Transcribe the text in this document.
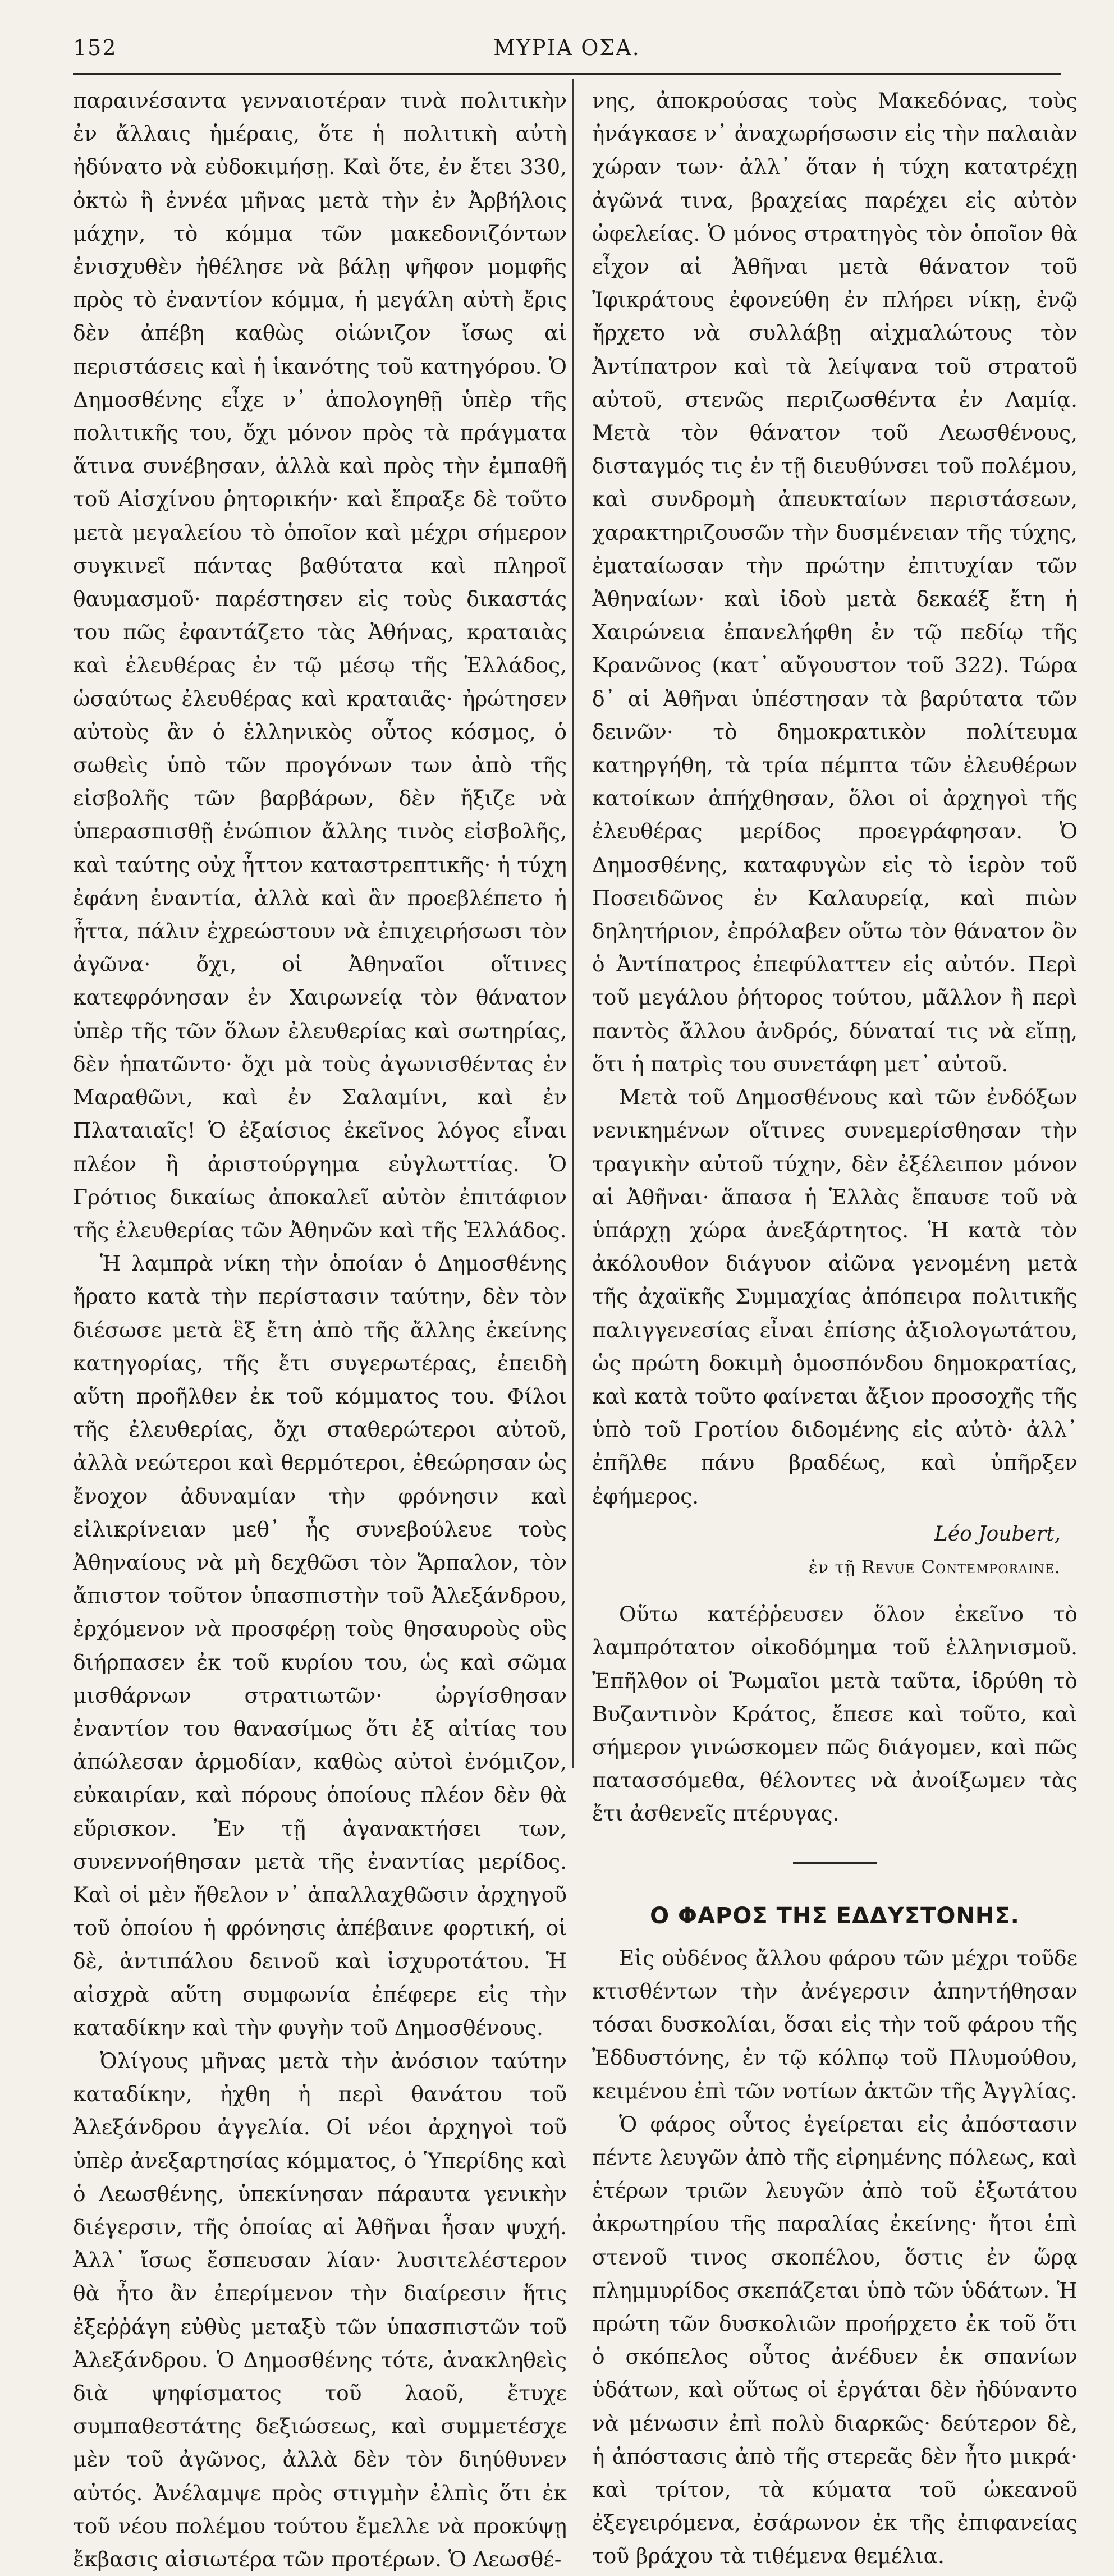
152	ΜΥΡΙΑ ΟΣΑ.

παραινέσαντα γενναιοτέραν τινὰ πολιτικὴν ἐν ἄλλαις ἡμέραις, ὅτε ἡ πολιτικὴ αὐτὴ ἠδύνατο νὰ εὐδοκιμήσῃ. Καὶ ὅτε, ἐν ἔτει 330, ὀκτὼ ἢ ἐννέα μῆνας μετὰ τὴν ἐν Ἀρβήλοις μάχην, τὸ κόμμα τῶν μακεδονιζόντων ἐνισχυθὲν ἠθέλησε νὰ βάλῃ ψῆφον μομφῆς πρὸς τὸ ἐναντίον κόμμα, ἡ μεγάλη αὐτὴ ἔρις δὲν ἀπέβη καθὼς οἰώνιζον ἴσως αἱ περιστάσεις καὶ ἡ ἱκανότης τοῦ κατηγόρου. Ὁ Δημοσθένης εἶχε ν᾿ ἀπολογηθῇ ὑπὲρ τῆς πολιτικῆς του, ὄχι μόνον πρὸς τὰ πράγματα ἅτινα συνέβησαν, ἀλλὰ καὶ πρὸς τὴν ἐμπαθῆ τοῦ Αἰσχίνου ῥητορικήν· καὶ ἔπραξε δὲ τοῦτο μετὰ μεγαλείου τὸ ὁποῖον καὶ μέχρι σήμερον συγκινεῖ πάντας βαθύτατα καὶ πληροῖ θαυμασμοῦ· παρέστησεν εἰς τοὺς δικαστάς του πῶς ἐφαντάζετο τὰς Ἀθήνας, κραταιὰς καὶ ἐλευθέρας ἐν τῷ μέσῳ τῆς Ἑλλάδος, ὡσαύτως ἐλευθέρας καὶ κραταιᾶς· ἠρώτησεν αὐτοὺς ἂν ὁ ἑλληνικὸς οὗτος κόσμος, ὁ σωθεὶς ὑπὸ τῶν προγόνων των ἀπὸ τῆς εἰσβολῆς τῶν βαρβάρων, δὲν ἤξιζε νὰ ὑπερασπισθῇ ἐνώπιον ἄλλης τινὸς εἰσβολῆς, καὶ ταύτης οὐχ ἧττον καταστρεπτικῆς· ἡ τύχη ἐφάνη ἐναντία, ἀλλὰ καὶ ἂν προεβλέπετο ἡ ἧττα, πάλιν ἐχρεώστουν νὰ ἐπιχειρήσωσι τὸν ἀγῶνα· ὄχι, οἱ Ἀθηναῖοι οἵτινες κατεφρόνησαν ἐν Χαιρωνείᾳ τὸν θάνατον ὑπὲρ τῆς τῶν ὅλων ἐλευθερίας καὶ σωτηρίας, δὲν ἡπατῶντο· ὄχι μὰ τοὺς ἀγωνισθέντας ἐν Μαραθῶνι, καὶ ἐν Σαλαμίνι, καὶ ἐν Πλαταιαῖς! Ὁ ἐξαίσιος ἐκεῖνος λόγος εἶναι πλέον ἢ ἀριστούργημα εὐγλωττίας. Ὁ Γρότιος δικαίως ἀποκαλεῖ αὐτὸν ἐπιτάφιον τῆς ἐλευθερίας τῶν Ἀθηνῶν καὶ τῆς Ἑλλάδος.

Ἡ λαμπρὰ νίκη τὴν ὁποίαν ὁ Δημοσθένης ἤρατο κατὰ τὴν περίστασιν ταύτην, δὲν τὸν διέσωσε μετὰ ἓξ ἔτη ἀπὸ τῆς ἄλλης ἐκείνης κατηγορίας, τῆς ἔτι συγερωτέρας, ἐπειδὴ αὕτη προῆλθεν ἐκ τοῦ κόμματος του. Φίλοι τῆς ἐλευθερίας, ὄχι σταθερώτεροι αὐτοῦ, ἀλλὰ νεώτεροι καὶ θερμότεροι, ἐθεώρησαν ὡς ἔνοχον ἀδυναμίαν τὴν φρόνησιν καὶ εἰλικρίνειαν μεθ᾿ ἧς συνεβούλευε τοὺς Ἀθηναίους νὰ μὴ δεχθῶσι τὸν Ἅρπαλον, τὸν ἄπιστον τοῦτον ὑπασπιστὴν τοῦ Ἀλεξάνδρου, ἐρχόμενον νὰ προσφέρῃ τοὺς θησαυροὺς οὓς διήρπασεν ἐκ τοῦ κυρίου του, ὡς καὶ σῶμα μισθάρνων στρατιωτῶν· ὠργίσθησαν ἐναντίον του θανασίμως ὅτι ἐξ αἰτίας του ἀπώλεσαν ἁρμοδίαν, καθὼς αὐτοὶ ἐνόμιζον, εὐκαιρίαν, καὶ πόρους ὁποίους πλέον δὲν θὰ εὕρισκον. Ἐν τῇ ἀγανακτήσει των, συνεννοήθησαν μετὰ τῆς ἐναντίας μερίδος. Καὶ οἱ μὲν ἤθελον ν᾿ ἀπαλλαχθῶσιν ἀρχηγοῦ τοῦ ὁποίου ἡ φρόνησις ἀπέβαινε φορτική, οἱ δὲ, ἀντιπάλου δεινοῦ καὶ ἰσχυροτάτου. Ἡ αἰσχρὰ αὕτη συμφωνία ἐπέφερε εἰς τὴν καταδίκην καὶ τὴν φυγὴν τοῦ Δημοσθένους.

Ὀλίγους μῆνας μετὰ τὴν ἀνόσιον ταύτην καταδίκην, ἠχθη ἡ περὶ θανάτου τοῦ Ἀλεξάνδρου ἀγγελία. Οἱ νέοι ἀρχηγοὶ τοῦ ὑπὲρ ἀνεξαρτησίας κόμματος, ὁ Ὑπερίδης καὶ ὁ Λεωσθένης, ὑπεκίνησαν πάραυτα γενικὴν διέγερσιν, τῆς ὁποίας αἱ Ἀθῆναι ἦσαν ψυχή. Ἀλλ᾿ ἴσως ἔσπευσαν λίαν· λυσιτελέστερον θὰ ἦτο ἂν ἐπερίμενον τὴν διαίρεσιν ἥτις ἐξεῤῥάγη εὐθὺς μεταξὺ τῶν ὑπασπιστῶν τοῦ Ἀλεξάνδρου. Ὁ Δημοσθένης τότε, ἀνακληθεὶς διὰ ψηφίσματος τοῦ λαοῦ, ἔτυχε συμπαθεστάτης δεξιώσεως, καὶ συμμετέσχε μὲν τοῦ ἀγῶνος, ἀλλὰ δὲν τὸν διηύθυνεν αὐτός. Ἀνέλαμψε πρὸς στιγμὴν ἐλπὶς ὅτι ἐκ τοῦ νέου πολέμου τούτου ἔμελλε νὰ προκύψῃ ἔκβασις αἰσιωτέρα τῶν προτέρων. Ὁ Λεωσθέ-

νης, ἀποκρούσας τοὺς Μακεδόνας, τοὺς ἠνάγκασε ν᾿ ἀναχωρήσωσιν εἰς τὴν παλαιὰν χώραν των· ἀλλ᾿ ὅταν ἡ τύχη κατατρέχῃ ἀγῶνά τινα, βραχείας παρέχει εἰς αὐτὸν ὠφελείας. Ὁ μόνος στρατηγὸς τὸν ὁποῖον θὰ εἶχον αἱ Ἀθῆναι μετὰ θάνατον τοῦ Ἰφικράτους ἐφονεύθη ἐν πλήρει νίκῃ, ἐνῷ ἤρχετο νὰ συλλάβῃ αἰχμαλώτους τὸν Ἀντίπατρον καὶ τὰ λείψανα τοῦ στρατοῦ αὐτοῦ, στενῶς περιζωσθέντα ἐν Λαμίᾳ. Μετὰ τὸν θάνατον τοῦ Λεωσθένους, δισταγμός τις ἐν τῇ διευθύνσει τοῦ πολέμου, καὶ συνδρομὴ ἀπευκταίων περιστάσεων, χαρακτηριζουσῶν τὴν δυσμένειαν τῆς τύχης, ἐματαίωσαν τὴν πρώτην ἐπιτυχίαν τῶν Ἀθηναίων· καὶ ἰδοὺ μετὰ δεκαέξ ἔτη ἡ Χαιρώνεια ἐπανελήφθη ἐν τῷ πεδίῳ τῆς Κρανῶνος (κατ᾿ αὔγουστον τοῦ 322). Τώρα δ᾿ αἱ Ἀθῆναι ὑπέστησαν τὰ βαρύτατα τῶν δεινῶν· τὸ δημοκρατικὸν πολίτευμα κατηργήθη, τὰ τρία πέμπτα τῶν ἐλευθέρων κατοίκων ἀπήχθησαν, ὅλοι οἱ ἀρχηγοὶ τῆς ἐλευθέρας μερίδος προεγράφησαν. Ὁ Δημοσθένης, καταφυγὼν εἰς τὸ ἱερὸν τοῦ Ποσειδῶνος ἐν Καλαυρείᾳ, καὶ πιὼν δηλητήριον, ἐπρόλαβεν οὕτω τὸν θάνατον ὃν ὁ Ἀντίπατρος ἐπεφύλαττεν εἰς αὐτόν. Περὶ τοῦ μεγάλου ῥήτορος τούτου, μᾶλλον ἢ περὶ παντὸς ἄλλου ἀνδρός, δύναταί τις νὰ εἴπῃ, ὅτι ἡ πατρὶς του συνετάφη μετ᾿ αὐτοῦ.

Μετὰ τοῦ Δημοσθένους καὶ τῶν ἐνδόξων νενικημένων οἵτινες συνεμερίσθησαν τὴν τραγικὴν αὐτοῦ τύχην, δὲν ἐξέλειπον μόνον αἱ Ἀθῆναι· ἅπασα ἡ Ἑλλὰς ἔπαυσε τοῦ νὰ ὑπάρχῃ χώρα ἀνεξάρτητος. Ἡ κατὰ τὸν ἀκόλουθον διάγυον αἰῶνα γενομένη μετὰ τῆς ἀχαϊκῆς Συμμαχίας ἀπόπειρα πολιτικῆς παλιγγενεσίας εἶναι ἐπίσης ἀξιολογωτάτου, ὡς πρώτη δοκιμὴ ὁμοσπόνδου δημοκρατίας, καὶ κατὰ τοῦτο φαίνεται ἄξιον προσοχῆς τῆς ὑπὸ τοῦ Γροτίου διδομένης εἰς αὐτὸ· ἀλλ᾿ ἐπῆλθε πάνυ βραδέως, καὶ ὑπῆρξεν ἐφήμερος.

Léo Joubert,
ἐν τῇ Revue Contemporaine.

Οὕτω κατέῤῥευσεν ὅλον ἐκεῖνο τὸ λαμπρότατον οἰκοδόμημα τοῦ ἑλληνισμοῦ. Ἐπῆλθον οἱ Ῥωμαῖοι μετὰ ταῦτα, ἱδρύθη τὸ Βυζαντινὸν Κράτος, ἔπεσε καὶ τοῦτο, καὶ σήμερον γινώσκομεν πῶς διάγομεν, καὶ πῶς πατασσόμεθα, θέλοντες νὰ ἀνοίξωμεν τὰς ἔτι ἀσθενεῖς πτέρυγας.

Ο ΦΑΡΟΣ ΤΗΣ ΕΔΔΥΣΤΟΝΗΣ.

Εἰς οὐδένος ἄλλου φάρου τῶν μέχρι τοῦδε κτισθέντων τὴν ἀνέγερσιν ἀπηντήθησαν τόσαι δυσκολίαι, ὅσαι εἰς τὴν τοῦ φάρου τῆς Ἐδδυστόνης, ἐν τῷ κόλπῳ τοῦ Πλυμούθου, κειμένου ἐπὶ τῶν νοτίων ἀκτῶν τῆς Ἀγγλίας.

Ὁ φάρος οὗτος ἐγείρεται εἰς ἀπόστασιν πέντε λευγῶν ἀπὸ τῆς εἰρημένης πόλεως, καὶ ἑτέρων τριῶν λευγῶν ἀπὸ τοῦ ἐξωτάτου ἀκρωτηρίου τῆς παραλίας ἐκείνης· ἤτοι ἐπὶ στενοῦ τινος σκοπέλου, ὅστις ἐν ὥρᾳ πλημμυρίδος σκεπάζεται ὑπὸ τῶν ὑδάτων. Ἡ πρώτη τῶν δυσκολιῶν προήρχετο ἐκ τοῦ ὅτι ὁ σκόπελος οὗτος ἀνέδυεν ἐκ σπανίων ὑδάτων, καὶ οὕτως οἱ ἐργάται δὲν ἠδύναντο νὰ μένωσιν ἐπὶ πολὺ διαρκῶς· δεύτερον δὲ, ἡ ἀπόστασις ἀπὸ τῆς στερεᾶς δὲν ἦτο μικρά· καὶ τρίτον, τὰ κύματα τοῦ ὠκεανοῦ ἐξεγειρόμενα, ἐσάρωνον ἐκ τῆς ἐπιφανείας τοῦ βράχου τὰ τιθέμενα θεμέλια.
